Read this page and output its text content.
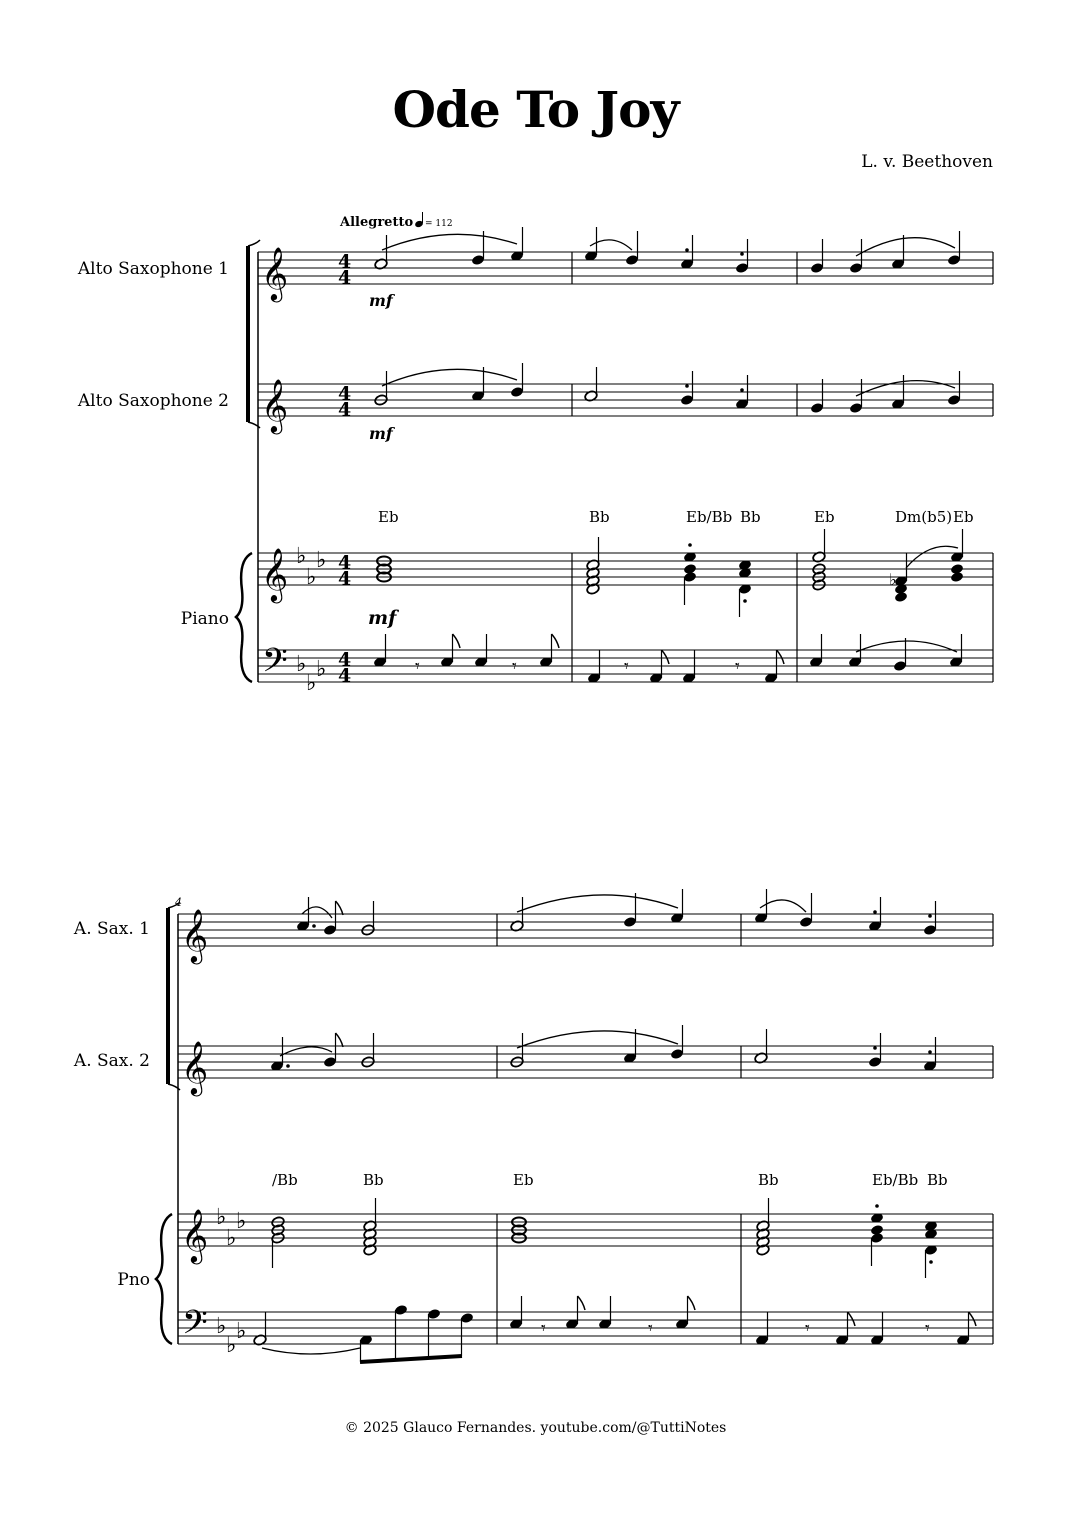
Ode To Joy
L. v. Beethoven
Allegretto = 112
Alto Saxophone 1
Alto Saxophone 2
Piano
𝄞
𝄞
𝄞
𝄢
♭
♭
♭
♭
♭
♭
4
4
4
4
4
4
4
4
mf
mf
mf
Eb	Bb	Eb/Bb Bb	Eb	Dm(b5) Eb
♭
𝄾	𝄾	𝄾	𝄾
A. Sax. 1
A. Sax. 2
Pno
4
𝄞
𝄞
𝄞
𝄢
♭
♭
♭
♭
♭
♭
/Bb	Bb	Eb	Bb	Eb/Bb Bb
𝄾	𝄾	𝄾	𝄾
© 2025 Glauco Fernandes. youtube.com/@TuttiNotes
